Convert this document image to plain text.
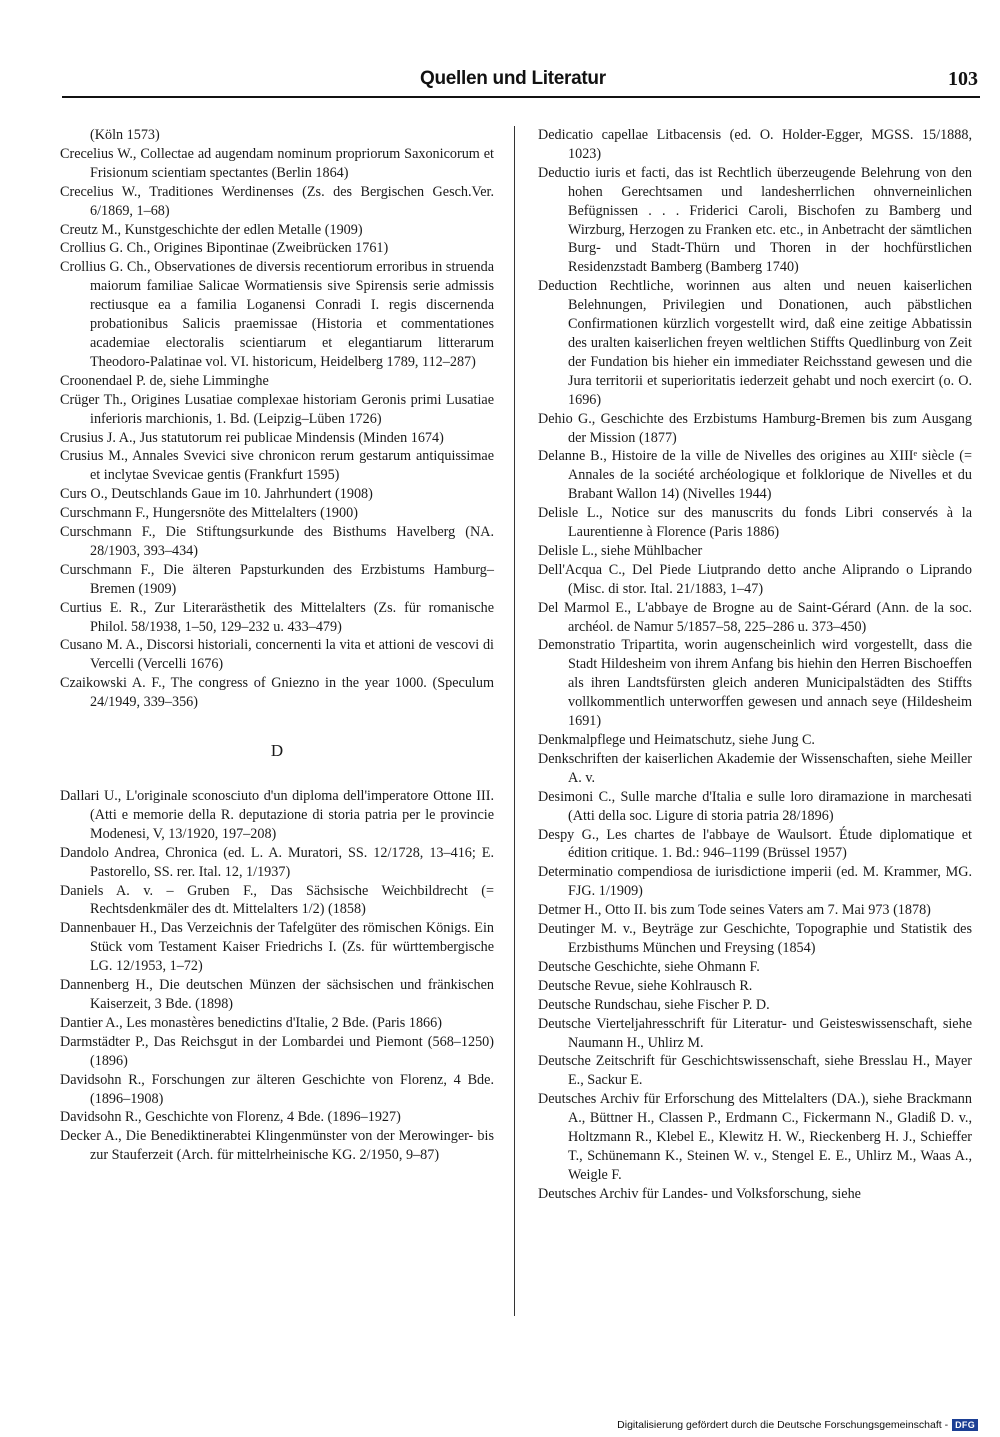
Quellen und Literatur	103

(Köln 1573)

Crecelius W., Collectae ad augendam nominum propriorum Saxonicorum et Frisionum scientiam spectantes (Berlin 1864)

Crecelius W., Traditiones Werdinenses (Zs. des Bergischen Gesch.Ver. 6/1869, 1–68)

Creutz M., Kunstgeschichte der edlen Metalle (1909)

Crollius G. Ch., Origines Bipontinae (Zweibrücken 1761)

Crollius G. Ch., Observationes de diversis recentiorum erroribus in struenda maiorum familiae Salicae Wormatiensis sive Spirensis serie admissis rectiusque ea a familia Loganensi Conradi I. regis discernenda probationibus Salicis praemissae (Historia et commentationes academiae electoralis scientiarum et elegantiarum litterarum Theodoro-Palatinae vol. VI. historicum, Heidelberg 1789, 112–287)

Croonendael P. de, siehe Limminghe

Crüger Th., Origines Lusatiae complexae historiam Geronis primi Lusatiae inferioris marchionis, 1. Bd. (Leipzig–Lüben 1726)

Crusius J. A., Jus statutorum rei publicae Mindensis (Minden 1674)

Crusius M., Annales Svevici sive chronicon rerum gestarum antiquissimae et inclytae Svevicae gentis (Frankfurt 1595)

Curs O., Deutschlands Gaue im 10. Jahrhundert (1908)

Curschmann F., Hungersnöte des Mittelalters (1900)

Curschmann F., Die Stiftungsurkunde des Bisthums Havelberg (NA. 28/1903, 393–434)

Curschmann F., Die älteren Papsturkunden des Erzbistums Hamburg–Bremen (1909)

Curtius E. R., Zur Literarästhetik des Mittelalters (Zs. für romanische Philol. 58/1938, 1–50, 129–232 u. 433–479)

Cusano M. A., Discorsi historiali, concernenti la vita et attioni de vescovi di Vercelli (Vercelli 1676)

Czaikowski A. F., The congress of Gniezno in the year 1000. (Speculum 24/1949, 339–356)

D

Dallari U., L'originale sconosciuto d'un diploma dell'imperatore Ottone III. (Atti e memorie della R. deputazione di storia patria per le provincie Modenesi, V, 13/1920, 197–208)

Dandolo Andrea, Chronica (ed. L. A. Muratori, SS. 12/1728, 13–416; E. Pastorello, SS. rer. Ital. 12, 1/1937)

Daniels A. v. – Gruben F., Das Sächsische Weichbildrecht (= Rechtsdenkmäler des dt. Mittelalters 1/2) (1858)

Dannenbauer H., Das Verzeichnis der Tafelgüter des römischen Königs. Ein Stück vom Testament Kaiser Friedrichs I. (Zs. für württembergische LG. 12/1953, 1–72)

Dannenberg H., Die deutschen Münzen der sächsischen und fränkischen Kaiserzeit, 3 Bde. (1898)

Dantier A., Les monastères benedictins d'Italie, 2 Bde. (Paris 1866)

Darmstädter P., Das Reichsgut in der Lombardei und Piemont (568–1250) (1896)

Davidsohn R., Forschungen zur älteren Geschichte von Florenz, 4 Bde. (1896–1908)

Davidsohn R., Geschichte von Florenz, 4 Bde. (1896–1927)

Decker A., Die Benediktinerabtei Klingenmünster von der Merowinger- bis zur Stauferzeit (Arch. für mittelrheinische KG. 2/1950, 9–87)

Dedicatio capellae Litbacensis (ed. O. Holder-Egger, MGSS. 15/1888, 1023)

Deductio iuris et facti, das ist Rechtlich überzeugende Belehrung von den hohen Gerechtsamen und landesherrlichen ohnverneinlichen Befügnissen . . . Friderici Caroli, Bischofen zu Bamberg und Wirzburg, Herzogen zu Franken etc. etc., in Anbetracht der sämtlichen Burg- und Stadt-Thürn und Thoren in der hochfürstlichen Residenzstadt Bamberg (Bamberg 1740)

Deduction Rechtliche, worinnen aus alten und neuen kaiserlichen Belehnungen, Privilegien und Donationen, auch päbstlichen Confirmationen kürzlich vorgestellt wird, daß eine zeitige Abbatissin des uralten kaiserlichen freyen weltlichen Stiffts Quedlinburg von Zeit der Fundation bis hieher ein immediater Reichsstand gewesen und die Jura territorii et superioritatis iederzeit gehabt und noch exercirt (o. O. 1696)

Dehio G., Geschichte des Erzbistums Hamburg-Bremen bis zum Ausgang der Mission (1877)

Delanne B., Histoire de la ville de Nivelles des origines au XIIIᵉ siècle (= Annales de la société archéologique et folklorique de Nivelles et du Brabant Wallon 14) (Nivelles 1944)

Delisle L., Notice sur des manuscrits du fonds Libri conservés à la Laurentienne à Florence (Paris 1886)

Delisle L., siehe Mühlbacher

Dell'Acqua C., Del Piede Liutprando detto anche Aliprando o Liprando (Misc. di stor. Ital. 21/1883, 1–47)

Del Marmol E., L'abbaye de Brogne au de Saint-Gérard (Ann. de la soc. archéol. de Namur 5/1857–58, 225–286 u. 373–450)

Demonstratio Tripartita, worin augenscheinlich wird vorgestellt, dass die Stadt Hildesheim von ihrem Anfang bis hiehin den Herren Bischoeffen als ihren Landtsfürsten gleich anderen Municipalstädten des Stiffts vollkommentlich unterworffen gewesen und annach seye (Hildesheim 1691)

Denkmalpflege und Heimatschutz, siehe Jung C.

Denkschriften der kaiserlichen Akademie der Wissenschaften, siehe Meiller A. v.

Desimoni C., Sulle marche d'Italia e sulle loro diramazione in marchesati (Atti della soc. Ligure di storia patria 28/1896)

Despy G., Les chartes de l'abbaye de Waulsort. Étude diplomatique et édition critique. 1. Bd.: 946–1199 (Brüssel 1957)

Determinatio compendiosa de iurisdictione imperii (ed. M. Krammer, MG. FJG. 1/1909)

Detmer H., Otto II. bis zum Tode seines Vaters am 7. Mai 973 (1878)

Deutinger M. v., Beyträge zur Geschichte, Topographie und Statistik des Erzbisthums München und Freysing (1854)

Deutsche Geschichte, siehe Ohmann F.

Deutsche Revue, siehe Kohlrausch R.

Deutsche Rundschau, siehe Fischer P. D.

Deutsche Vierteljahresschrift für Literatur- und Geisteswissenschaft, siehe Naumann H., Uhlirz M.

Deutsche Zeitschrift für Geschichtswissenschaft, siehe Bresslau H., Mayer E., Sackur E.

Deutsches Archiv für Erforschung des Mittelalters (DA.), siehe Brackmann A., Büttner H., Classen P., Erdmann C., Fickermann N., Gladiß D. v., Holtzmann R., Klebel E., Klewitz H. W., Rieckenberg H. J., Schieffer T., Schünemann K., Steinen W. v., Stengel E. E., Uhlirz M., Waas A., Weigle F.

Deutsches Archiv für Landes- und Volksforschung, siehe

Digitalisierung gefördert durch die Deutsche Forschungsgemeinschaft - DFG
